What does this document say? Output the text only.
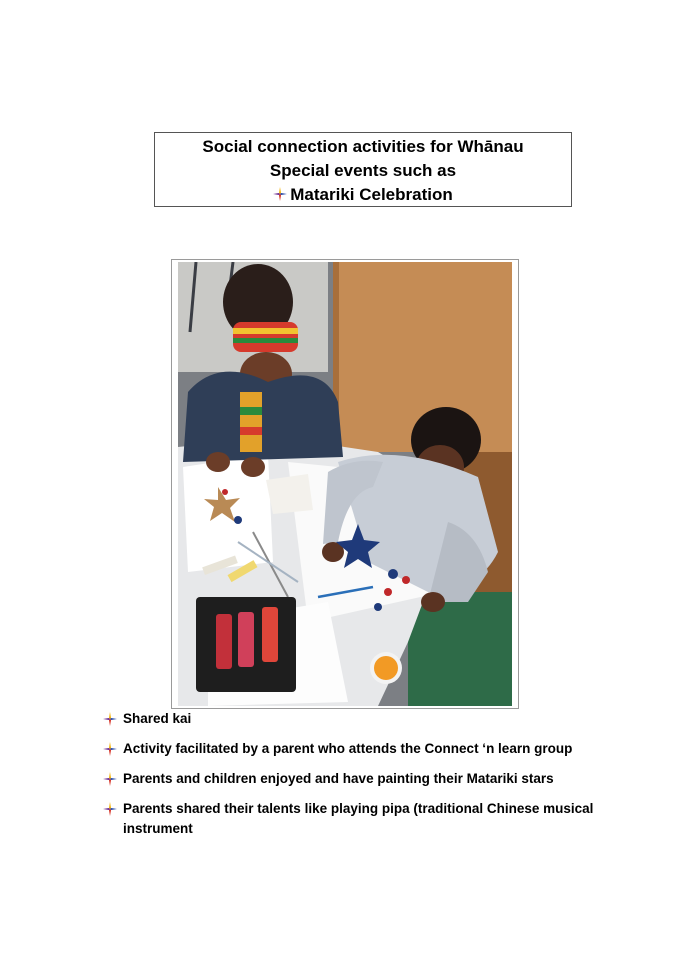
Social connection activities for Whānau
Special events such as
Matariki Celebration
Shared kai
Activity facilitated by a parent who attends the Connect ‘n learn group
Parents and children enjoyed and have painting their Matariki stars
Parents shared their talents like playing pipa (traditional Chinese musical instrument
